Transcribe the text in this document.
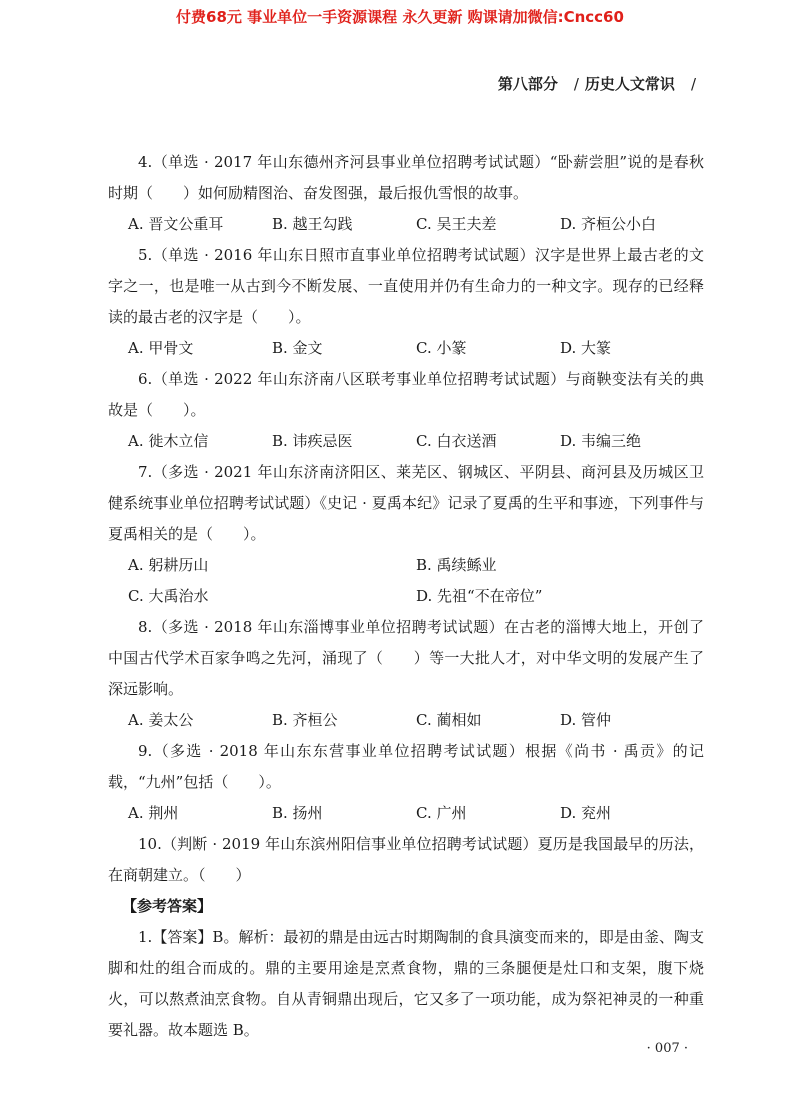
付费68元 事业单位一手资源课程 永久更新 购课请加微信:Cncc60
第八部分 / 历史人文常识 /

4.（单选 · 2017 年山东德州齐河县事业单位招聘考试试题）“卧薪尝胆”说的是春秋时期（　　）如何励精图治、奋发图强，最后报仇雪恨的故事。

A. 晋文公重耳	B. 越王勾践	C. 吴王夫差	D. 齐桓公小白

5.（单选 · 2016 年山东日照市直事业单位招聘考试试题）汉字是世界上最古老的文字之一，也是唯一从古到今不断发展、一直使用并仍有生命力的一种文字。现存的已经释读的最古老的汉字是（　　）。

A. 甲骨文	B. 金文	C. 小篆	D. 大篆

6.（单选 · 2022 年山东济南八区联考事业单位招聘考试试题）与商鞅变法有关的典故是（　　）。

A. 徙木立信	B. 讳疾忌医	C. 白衣送酒	D. 韦编三绝

7.（多选 · 2021 年山东济南济阳区、莱芜区、钢城区、平阴县、商河县及历城区卫健系统事业单位招聘考试试题）《史记 · 夏禹本纪》记录了夏禹的生平和事迹，下列事件与夏禹相关的是（　　）。

A. 躬耕历山	B. 禹续鲧业
C. 大禹治水	D. 先祖“不在帝位”

8.（多选 · 2018 年山东淄博事业单位招聘考试试题）在古老的淄博大地上，开创了中国古代学术百家争鸣之先河，涌现了（　　）等一大批人才，对中华文明的发展产生了深远影响。

A. 姜太公	B. 齐桓公	C. 蔺相如	D. 管仲

9.（多选 · 2018 年山东东营事业单位招聘考试试题）根据《尚书 · 禹贡》的记载，“九州”包括（　　）。

A. 荆州	B. 扬州	C. 广州	D. 兖州

10.（判断 · 2019 年山东滨州阳信事业单位招聘考试试题）夏历是我国最早的历法，在商朝建立。（　　）

【参考答案】

1.【答案】B。解析：最初的鼎是由远古时期陶制的食具演变而来的，即是由釜、陶支脚和灶的组合而成的。鼎的主要用途是烹煮食物，鼎的三条腿便是灶口和支架，腹下烧火，可以熬煮油烹食物。自从青铜鼎出现后，它又多了一项功能，成为祭祀神灵的一种重要礼器。故本题选 B。

· 007 ·
